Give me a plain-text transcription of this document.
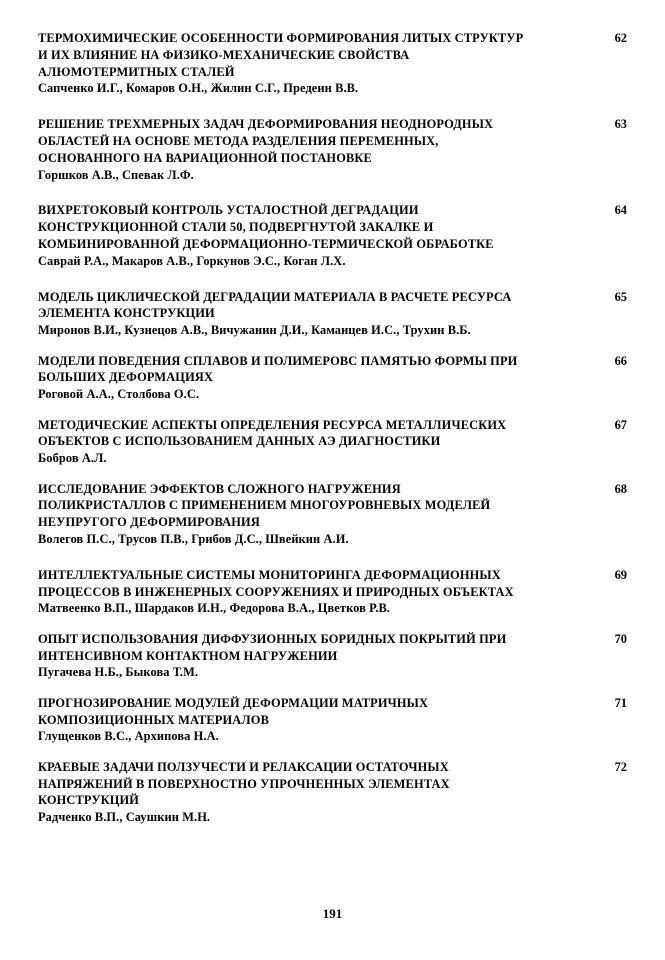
ТЕРМОХИМИЧЕСКИЕ ОСОБЕННОСТИ ФОРМИРОВАНИЯ ЛИТЫХ СТРУКТУР
И ИХ ВЛИЯНИЕ НА ФИЗИКО-МЕХАНИЧЕСКИЕ СВОЙСТВА
АЛЮМОТЕРМИТНЫХ СТАЛЕЙ
Сапченко И.Г., Комаров О.Н., Жилин С.Г., Предеин В.В.
62
РЕШЕНИЕ ТРЕХМЕРНЫХ ЗАДАЧ ДЕФОРМИРОВАНИЯ НЕОДНОРОДНЫХ
ОБЛАСТЕЙ НА ОСНОВЕ МЕТОДА РАЗДЕЛЕНИЯ ПЕРЕМЕННЫХ,
ОСНОВАННОГО НА ВАРИАЦИОННОЙ ПОСТАНОВКЕ
Горшков А.В., Спевак Л.Ф.
63
ВИХРЕТОКОВЫЙ КОНТРОЛЬ УСТАЛОСТНОЙ ДЕГРАДАЦИИ
КОНСТРУКЦИОННОЙ СТАЛИ 50, ПОДВЕРГНУТОЙ ЗАКАЛКЕ И
КОМБИНИРОВАННОЙ ДЕФОРМАЦИОННО-ТЕРМИЧЕСКОЙ ОБРАБОТКЕ
Саврай Р.А., Макаров А.В., Горкунов Э.С., Коган Л.Х.
64
МОДЕЛЬ ЦИКЛИЧЕСКОЙ ДЕГРАДАЦИИ МАТЕРИАЛА В РАСЧЕТЕ РЕСУРСА
ЭЛЕМЕНТА КОНСТРУКЦИИ
Миронов В.И., Кузнецов А.В., Вичужанин Д.И., Каманцев И.С., Трухин В.Б.
65
МОДЕЛИ ПОВЕДЕНИЯ СПЛАВОВ И ПОЛИМЕРОВС ПАМЯТЬЮ ФОРМЫ ПРИ
БОЛЬШИХ ДЕФОРМАЦИЯХ
Роговой А.А., Столбова О.С.
66
МЕТОДИЧЕСКИЕ АСПЕКТЫ ОПРЕДЕЛЕНИЯ РЕСУРСА МЕТАЛЛИЧЕСКИХ
ОБЪЕКТОВ С ИСПОЛЬЗОВАНИЕМ ДАННЫХ АЭ ДИАГНОСТИКИ
Бобров А.Л.
67
ИССЛЕДОВАНИЕ ЭФФЕКТОВ СЛОЖНОГО НАГРУЖЕНИЯ
ПОЛИКРИСТАЛЛОВ С ПРИМЕНЕНИЕМ МНОГОУРОВНЕВЫХ МОДЕЛЕЙ
НЕУПРУГОГО ДЕФОРМИРОВАНИЯ
Волегов П.С., Трусов П.В., Грибов Д.С., Швейкин А.И.
68
ИНТЕЛЛЕКТУАЛЬНЫЕ СИСТЕМЫ МОНИТОРИНГА ДЕФОРМАЦИОННЫХ
ПРОЦЕССОВ В ИНЖЕНЕРНЫХ СООРУЖЕНИЯХ И ПРИРОДНЫХ ОБЪЕКТАХ
Матвеенко В.П., Шардаков И.Н., Федорова В.А., Цветков Р.В.
69
ОПЫТ ИСПОЛЬЗОВАНИЯ ДИФФУЗИОННЫХ БОРИДНЫХ ПОКРЫТИЙ ПРИ
ИНТЕНСИВНОМ КОНТАКТНОМ НАГРУЖЕНИИ
Пугачева Н.Б., Быкова Т.М.
70
ПРОГНОЗИРОВАНИЕ МОДУЛЕЙ ДЕФОРМАЦИИ МАТРИЧНЫХ
КОМПОЗИЦИОННЫХ МАТЕРИАЛОВ
Глущенков В.С., Архипова Н.А.
71
КРАЕВЫЕ ЗАДАЧИ ПОЛЗУЧЕСТИ И РЕЛАКСАЦИИ ОСТАТОЧНЫХ
НАПРЯЖЕНИЙ В ПОВЕРХНОСТНО УПРОЧНЕННЫХ ЭЛЕМЕНТАХ
КОНСТРУКЦИЙ
Радченко В.П., Саушкин М.Н.
72
191
